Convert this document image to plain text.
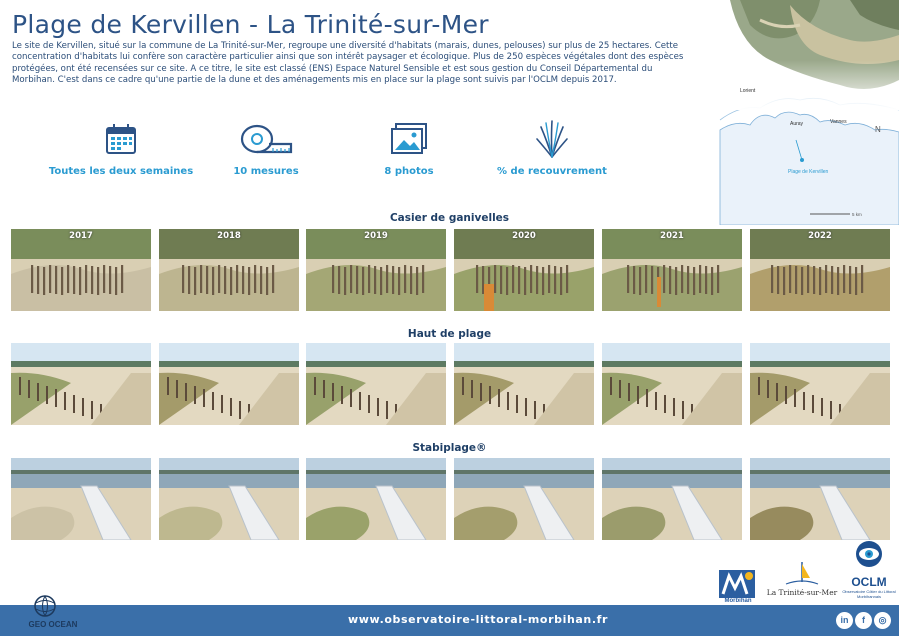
Plage de Kervillen - La Trinité-sur-Mer
Le site de Kervillen, situé sur la commune de La Trinité-sur-Mer, regroupe une diversité d'habitats (marais, dunes, pelouses) sur plus de 25 hectares. Cette concentration d'habitats lui confère son caractère particulier ainsi que son intérêt paysager et écologique. Plus de 250 espèces végétales dont des espèces protégées, ont été recensées sur ce site. A ce titre, le site est classé (ENS) Espace Naturel Sensible et est sous gestion du Conseil Départemental du Morbihan. C'est dans ce cadre qu'une partie de la dune et des aménagements mis en place sur la plage sont suivis par l'OCLM depuis 2017.
Lorient
Auray	Vannes
Plage de Kervillen
5 km
N
Toutes les deux semaines	10 mesures	8 photos	% de recouvrement
Casier de ganivelles
Haut de plage
Stabiplage®
2017	2018	2019	2020	2021	2022
www.observatoire-littoral-morbihan.fr	in	f	◎
GEO OCEAN
Morbihan
La Trinité-sur-Mer
OCLM
Observatoire Côtier du Littoral Morbihannais
